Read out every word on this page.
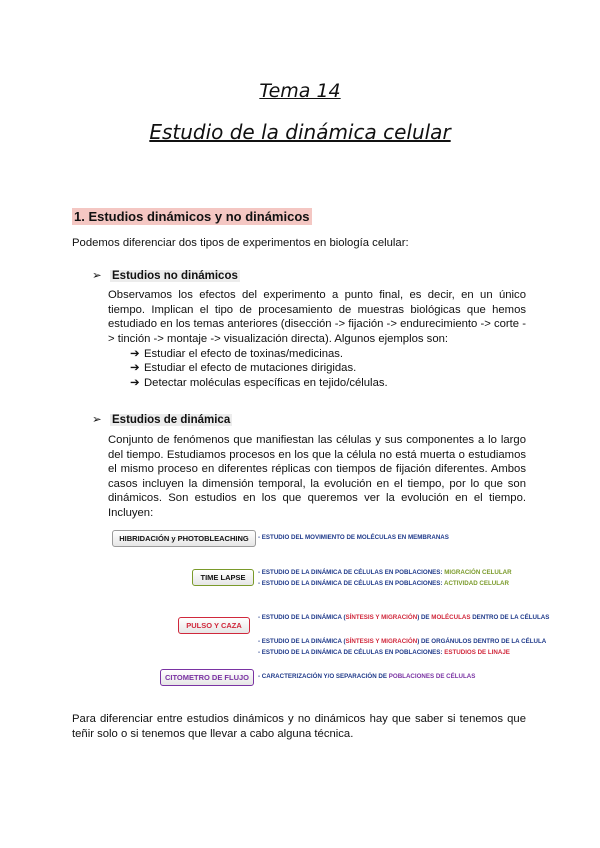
Tema 14
Estudio de la dinámica celular
1. Estudios dinámicos y no dinámicos
Podemos diferenciar dos tipos de experimentos en biología celular:
➢ Estudios no dinámicos
Observamos los efectos del experimento a punto final, es decir, en un único tiempo. Implican el tipo de procesamiento de muestras biológicas que hemos estudiado en los temas anteriores (disección -> fijación -> endurecimiento -> corte -> tinción -> montaje -> visualización directa). Algunos ejemplos son:
➔ Estudiar el efecto de toxinas/medicinas.
➔ Estudiar el efecto de mutaciones dirigidas.
➔ Detectar moléculas específicas en tejido/células.
➢ Estudios de dinámica
Conjunto de fenómenos que manifiestan las células y sus componentes a lo largo del tiempo. Estudiamos procesos en los que la célula no está muerta o estudiamos el mismo proceso en diferentes réplicas con tiempos de fijación diferentes. Ambos casos incluyen la dimensión temporal, la evolución en el tiempo, por lo que son dinámicos. Son estudios en los que queremos ver la evolución en el tiempo. Incluyen:
HIBRIDACIÓN y PHOTOBLEACHING	- ESTUDIO DEL MOVIMIENTO DE MOLÉCULAS EN MEMBRANAS
TIME LAPSE
- ESTUDIO DE LA DINÁMICA DE CÉLULAS EN POBLACIONES: MIGRACIÓN CELULAR
- ESTUDIO DE LA DINÁMICA DE CÉLULAS EN POBLACIONES: ACTIVIDAD CELULAR
PULSO Y CAZA
- ESTUDIO DE LA DINÁMICA (SÍNTESIS Y MIGRACIÓN) DE MOLÉCULAS DENTRO DE LA CÉLULAS
- ESTUDIO DE LA DINÁMICA (SÍNTESIS Y MIGRACIÓN) DE ORGÁNULOS DENTRO DE LA CÉLULA
- ESTUDIO DE LA DINÁMICA DE CÉLULAS EN POBLACIONES: ESTUDIOS DE LINAJE
CITOMETRO DE FLUJO	- CARACTERIZACIÓN Y/O SEPARACIÓN DE POBLACIONES DE CÉLULAS
Para diferenciar entre estudios dinámicos y no dinámicos hay que saber si tenemos que teñir solo o si tenemos que llevar a cabo alguna técnica.
